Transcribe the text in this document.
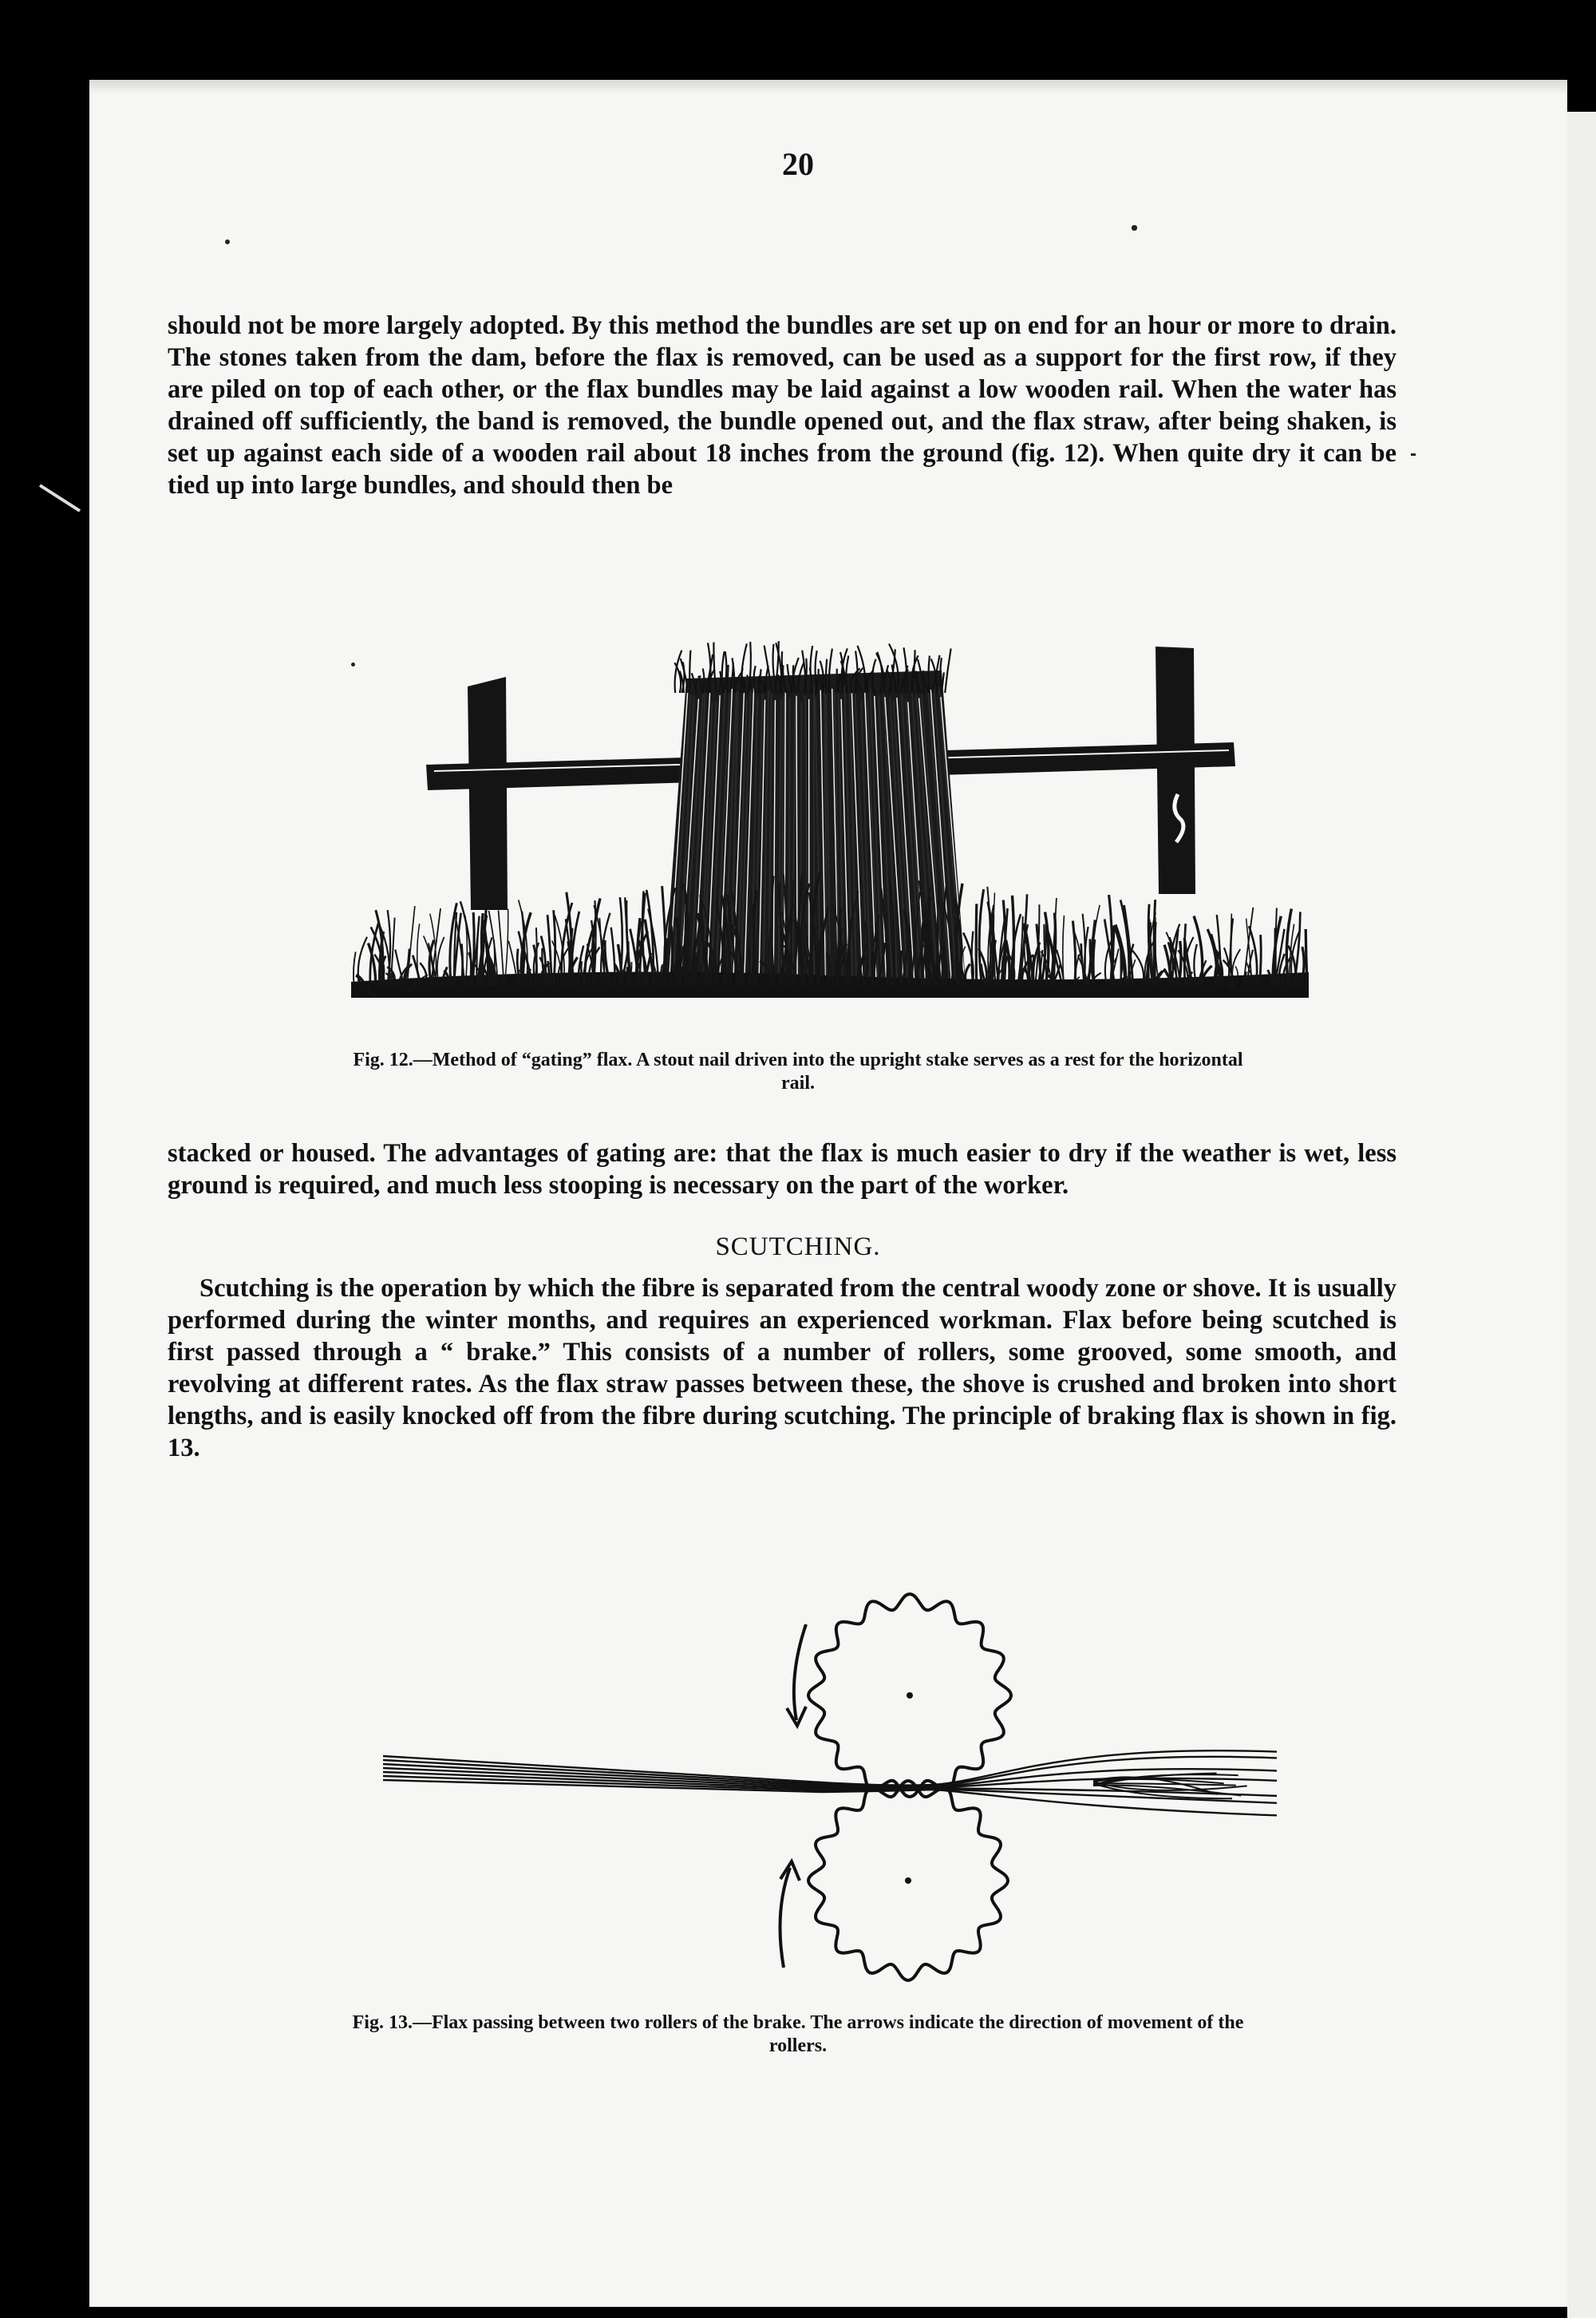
20

should not be more largely adopted. By this method the bundles are set up on end for an hour or more to drain. The stones taken from the dam, before the flax is removed, can be used as a support for the first row, if they are piled on top of each other, or the flax bundles may be laid against a low wooden rail. When the water has drained off sufficiently, the band is removed, the bundle opened out, and the flax straw, after being shaken, is set up against each side of a wooden rail about 18 inches from the ground (fig. 12). When quite dry it can be tied up into large bundles, and should then be

Fig. 12.—Method of “gating” flax. A stout nail driven into the upright stake serves as a rest for the horizontal rail.

stacked or housed. The advantages of gating are: that the flax is much easier to dry if the weather is wet, less ground is required, and much less stooping is necessary on the part of the worker.

SCUTCHING.

Scutching is the operation by which the fibre is separated from the central woody zone or shove. It is usually performed during the winter months, and requires an experienced workman. Flax before being scutched is first passed through a “ brake.” This consists of a number of rollers, some grooved, some smooth, and revolving at different rates. As the flax straw passes between these, the shove is crushed and broken into short lengths, and is easily knocked off from the fibre during scutching. The principle of braking flax is shown in fig. 13.

Fig. 13.—Flax passing between two rollers of the brake. The arrows indicate the direction of movement of the rollers.
